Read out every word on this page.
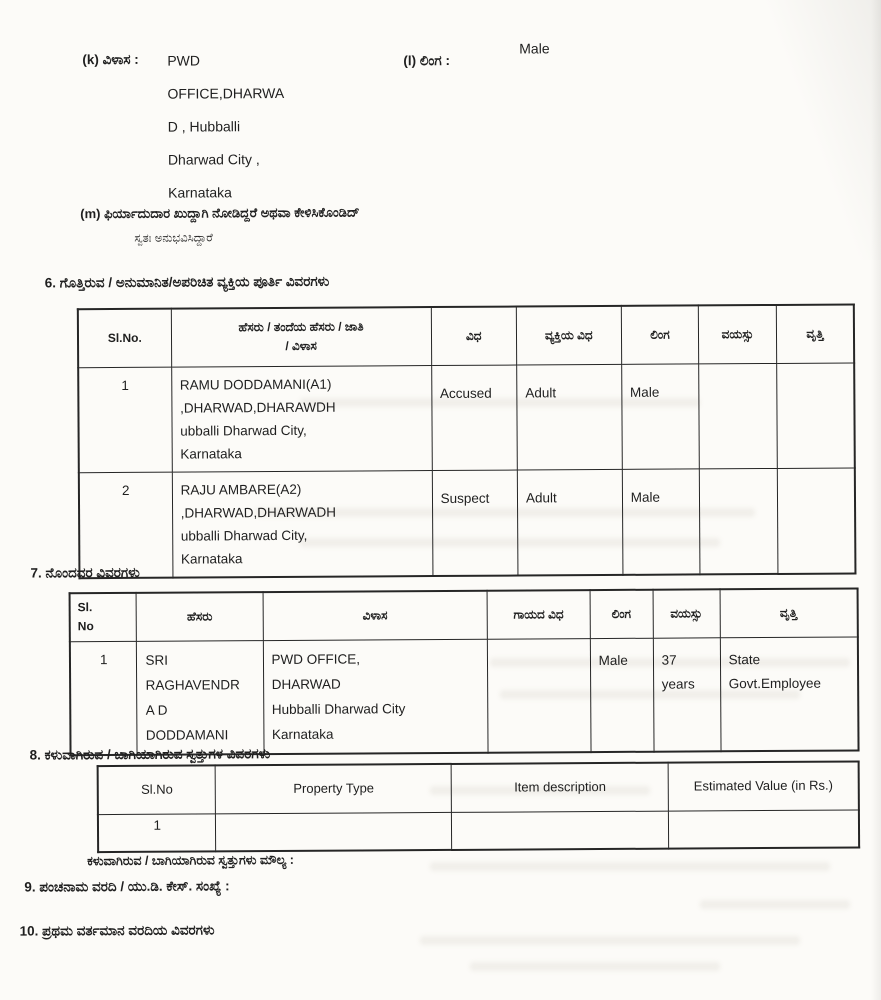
(k) ವಿಳಾಸ : PWD
OFFICE,DHARWA
D , Hubballi
Dharwad City ,
Karnataka
(l) ಲಿಂಗ :
Male
(m) ಫಿರ್ಯಾದುದಾರ ಖುದ್ದಾಗಿ ನೋಡಿದ್ದರೆ ಅಥವಾ ಕೇಳಿಸಿಕೊಂಡಿದ್
ಸ್ವತಃ ಅನುಭವಿಸಿದ್ದಾರೆ
6. ಗೊತ್ತಿರುವ / ಅನುಮಾನಿತ/ಅಪರಿಚಿತ ವ್ಯಕ್ತಿಯ ಪೂರ್ತಿ ವಿವರಗಳು
Sl.No.	ಹೆಸರು / ತಂದೆಯ ಹೆಸರು / ಜಾತಿ
/ ವಿಳಾಸ	ವಿಧ	ವ್ಯಕ್ತಿಯ ವಿಧ	ಲಿಂಗ	ವಯಸ್ಸು	ವೃತ್ತಿ
1	RAMU DODDAMANI(A1)
,DHARWAD,DHARAWDH
ubballi Dharwad City,
Karnataka	Accused	Adult	Male		
2	RAJU AMBARE(A2)
,DHARWAD,DHARWADH
ubballi Dharwad City,
Karnataka	Suspect	Adult	Male		
7. ನೊಂದವರ ವಿವರಗಳು
Sl.
No	ಹೆಸರು	ವಿಳಾಸ	ಗಾಯದ ವಿಧ	ಲಿಂಗ	ವಯಸ್ಸು	ವೃತ್ತಿ
1	SRI
RAGHAVENDR
A D
DODDAMANI	PWD OFFICE,
DHARWAD
Hubballi Dharwad City
Karnataka		Male	37
years	State
Govt.Employee
8. ಕಳುವಾಗಿರುವ / ಬಾಗಿಯಾಗಿರುವ ಸ್ವತ್ತುಗಳ ವಿವರಗಳು
Sl.No	Property Type	Item description	Estimated Value (in Rs.)
1			
ಕಳುವಾಗಿರುವ / ಬಾಗಿಯಾಗಿರುವ ಸ್ವತ್ತುಗಳು ಮೌಲ್ಯ :
9. ಪಂಚನಾಮ ವರದಿ / ಯು.ಡಿ. ಕೇಸ್. ಸಂಖ್ಯೆ :
10. ಪ್ರಥಮ ವರ್ತಮಾನ ವರದಿಯ ವಿವರಗಳು
